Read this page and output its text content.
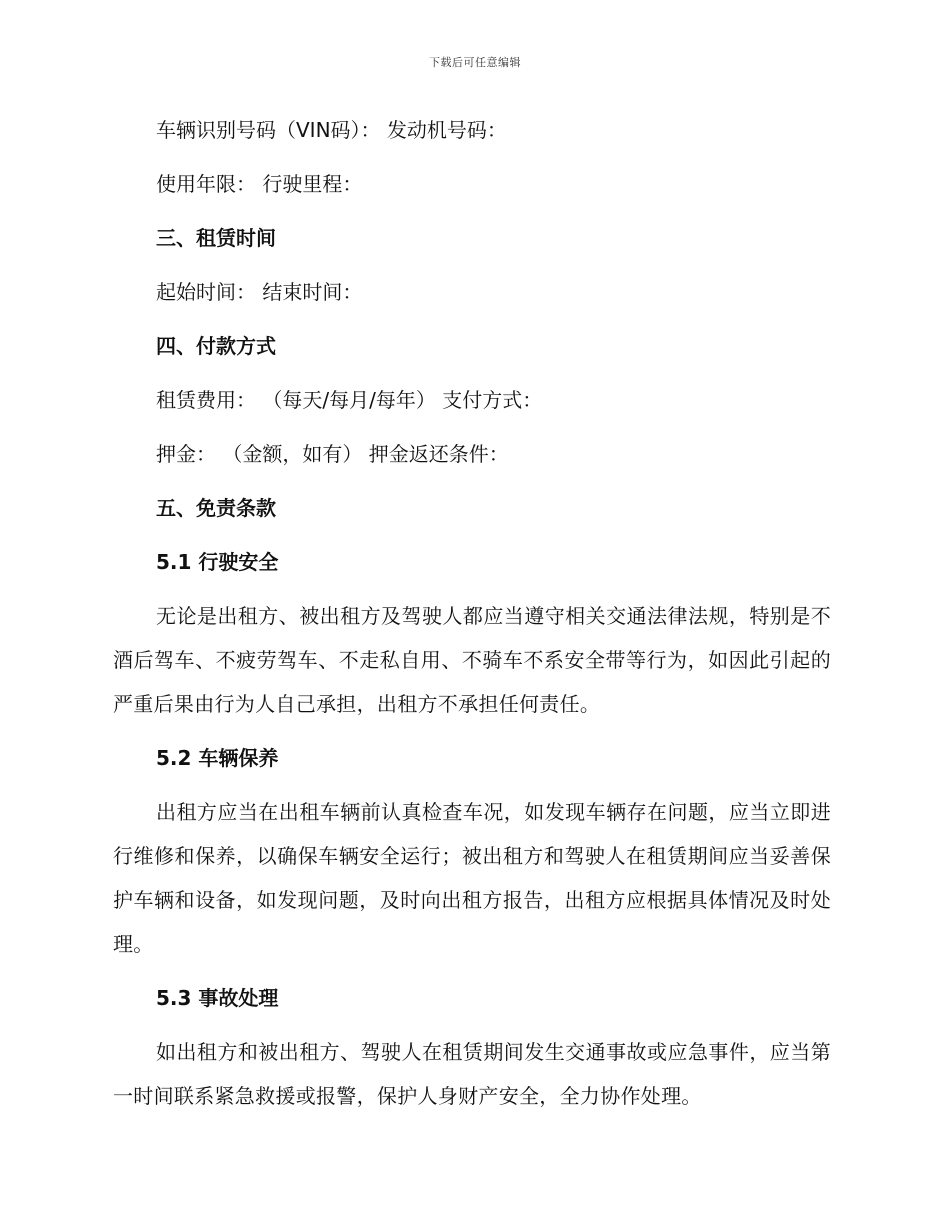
下载后可任意编辑

车辆识别号码（VIN码）： 发动机号码：

使用年限： 行驶里程：

三、租赁时间

起始时间： 结束时间：

四、付款方式

租赁费用： （每天/每月/每年） 支付方式：

押金： （金额，如有） 押金返还条件：

五、免责条款

5.1 行驶安全

无论是出租方、被出租方及驾驶人都应当遵守相关交通法律法规，特别是不酒后驾车、不疲劳驾车、不走私自用、不骑车不系安全带等行为，如因此引起的严重后果由行为人自己承担，出租方不承担任何责任。

5.2 车辆保养

出租方应当在出租车辆前认真检查车况，如发现车辆存在问题，应当立即进行维修和保养，以确保车辆安全运行；被出租方和驾驶人在租赁期间应当妥善保护车辆和设备，如发现问题，及时向出租方报告，出租方应根据具体情况及时处理。

5.3 事故处理

如出租方和被出租方、驾驶人在租赁期间发生交通事故或应急事件，应当第一时间联系紧急救援或报警，保护人身财产安全，全力协作处理。
